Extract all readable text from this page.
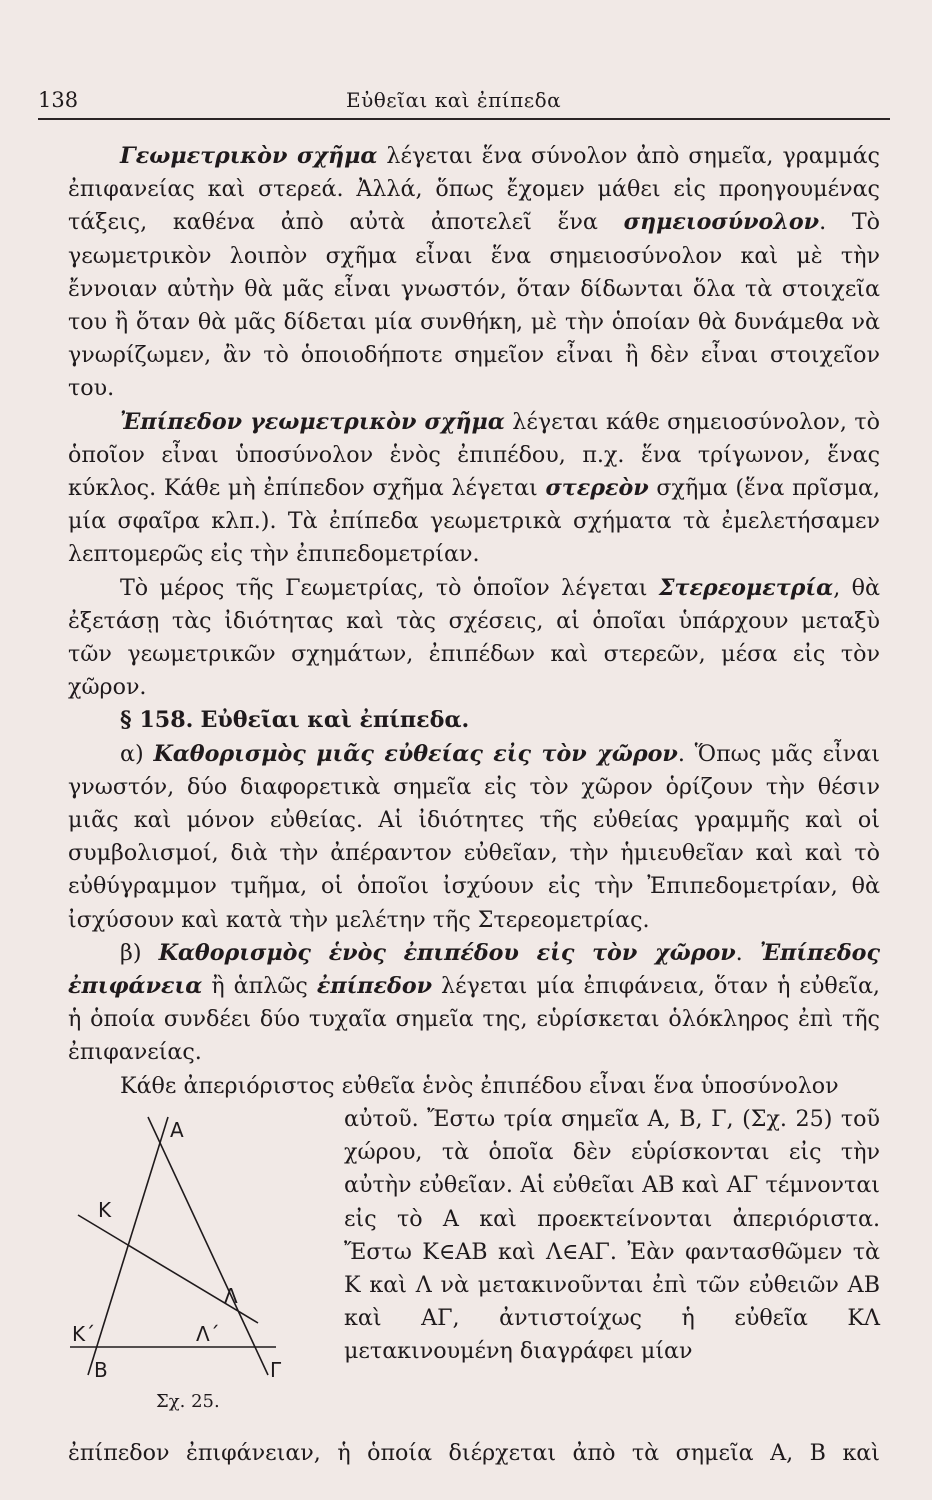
138	Εὐθεῖαι καὶ ἐπίπεδα

Γεωμετρικὸν σχῆμα λέγεται ἕνα σύνολον ἀπὸ σημεῖα, γραμμάς ἐπιφανείας καὶ στερεά. Ἀλλά, ὅπως ἔχομεν μάθει εἰς προηγουμένας τάξεις, καθένα ἀπὸ αὐτὰ ἀποτελεῖ ἕνα σημειοσύνολον. Τὸ γεωμετρικὸν λοιπὸν σχῆμα εἶναι ἕνα σημειοσύνολον καὶ μὲ τὴν ἔννοιαν αὐτὴν θὰ μᾶς εἶναι γνωστόν, ὅταν δίδωνται ὅλα τὰ στοιχεῖα του ἢ ὅταν θὰ μᾶς δίδεται μία συνθήκη, μὲ τὴν ὁποίαν θὰ δυνάμεθα νὰ γνωρίζωμεν, ἂν τὸ ὁποιοδήποτε σημεῖον εἶναι ἢ δὲν εἶναι στοιχεῖον του.

Ἐπίπεδον γεωμετρικὸν σχῆμα λέγεται κάθε σημειοσύνολον, τὸ ὁποῖον εἶναι ὑποσύνολον ἑνὸς ἐπιπέδου, π.χ. ἕνα τρίγωνον, ἕνας κύκλος. Κάθε μὴ ἐπίπεδον σχῆμα λέγεται στερεὸν σχῆμα (ἕνα πρῖσμα, μία σφαῖρα κλπ.). Τὰ ἐπίπεδα γεωμετρικὰ σχήματα τὰ ἐμελετήσαμεν λεπτομερῶς εἰς τὴν ἐπιπεδομετρίαν.

Τὸ μέρος τῆς Γεωμετρίας, τὸ ὁποῖον λέγεται Στερεομετρία, θὰ ἐξετάσῃ τὰς ἰδιότητας καὶ τὰς σχέσεις, αἱ ὁποῖαι ὑπάρχουν μεταξὺ τῶν γεωμετρικῶν σχημάτων, ἐπιπέδων καὶ στερεῶν, μέσα εἰς τὸν χῶρον.

§ 158. Εὐθεῖαι καὶ ἐπίπεδα.

α) Καθορισμὸς μιᾶς εὐθείας εἰς τὸν χῶρον. Ὅπως μᾶς εἶναι γνωστόν, δύο διαφορετικὰ σημεῖα εἰς τὸν χῶρον ὁρίζουν τὴν θέσιν μιᾶς καὶ μόνον εὐθείας. Αἱ ἰδιότητες τῆς εὐθείας γραμμῆς καὶ οἱ συμβολισμοί, διὰ τὴν ἀπέραντον εὐθεῖαν, τὴν ἡμιευθεῖαν καὶ καὶ τὸ εὐθύγραμμον τμῆμα, οἱ ὁποῖοι ἰσχύουν εἰς τὴν Ἐπιπεδομετρίαν, θὰ ἰσχύσουν καὶ κατὰ τὴν μελέτην τῆς Στερεομετρίας.

β) Καθορισμὸς ἑνὸς ἐπιπέδου εἰς τὸν χῶρον. Ἐπίπεδος ἐπιφάνεια ἢ ἁπλῶς ἐπίπεδον λέγεται μία ἐπιφάνεια, ὅταν ἡ εὐθεῖα, ἡ ὁποία συνδέει δύο τυχαῖα σημεῖα της, εὑρίσκεται ὁλόκληρος ἐπὶ τῆς ἐπιφανείας.

Κάθε ἀπεριόριστος εὐθεῖα ἑνὸς ἐπιπέδου εἶναι ἕνα ὑποσύνολον

Α
Κ
Λ
Κ΄	Λ΄
Β	Γ
Σχ. 25.

αὐτοῦ. Ἔστω τρία σημεῖα Α, Β, Γ, (Σχ. 25) τοῦ χώρου, τὰ ὁποῖα δὲν εὑρίσκονται εἰς τὴν αὐτὴν εὐθεῖαν. Αἱ εὐθεῖαι ΑΒ καὶ ΑΓ τέμνονται εἰς τὸ Α καὶ προεκτείνονται ἀπεριόριστα. Ἔστω Κ∈ΑΒ καὶ Λ∈ΑΓ. Ἐὰν φαντασθῶμεν τὰ Κ καὶ Λ νὰ μετακινοῦνται ἐπὶ τῶν εὐθειῶν ΑΒ καὶ ΑΓ, ἀντιστοίχως ἡ εὐθεῖα ΚΛ μετακινουμένη διαγράφει μίαν

ἐπίπεδον ἐπιφάνειαν, ἡ ὁποία διέρχεται ἀπὸ τὰ σημεῖα Α, Β καὶ
